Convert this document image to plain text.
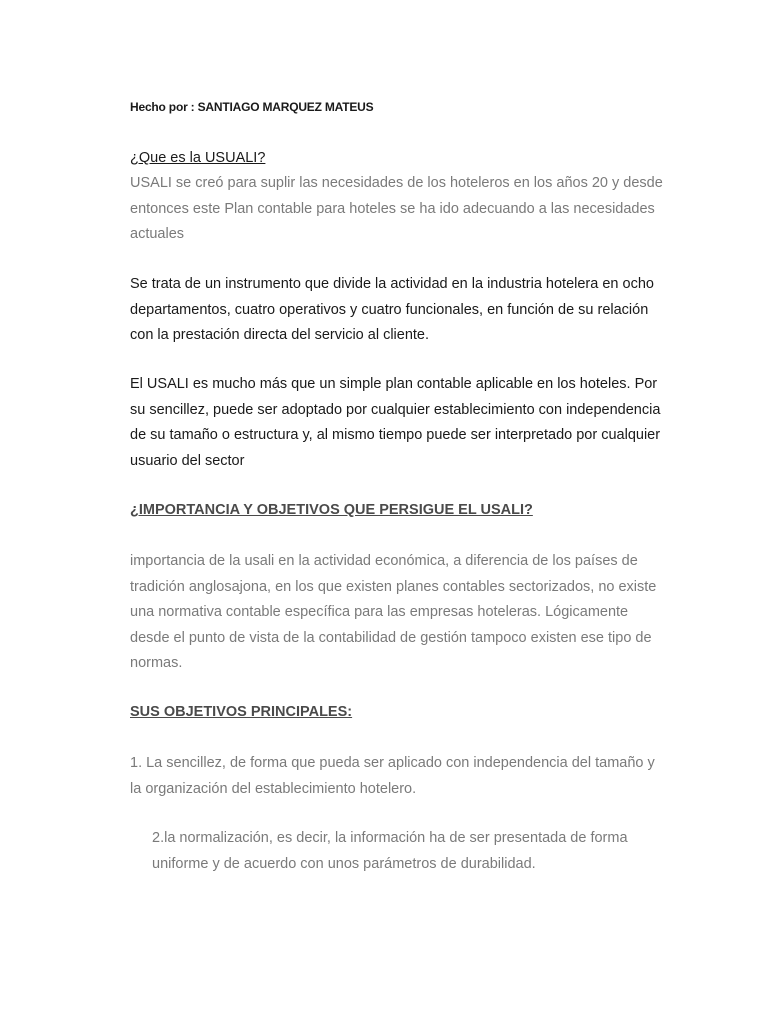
Hecho por : SANTIAGO MARQUEZ MATEUS
¿Que es la USUALI?

USALI se creó para suplir las necesidades de los hoteleros en los años 20 y desde entonces este Plan contable para hoteles se ha ido adecuando a las necesidades actuales

Se trata de un instrumento que divide la actividad en la industria hotelera en ocho departamentos, cuatro operativos y cuatro funcionales, en función de su relación con la prestación directa del servicio al cliente.

El USALI es mucho más que un simple plan contable aplicable en los hoteles. Por su sencillez, puede ser adoptado por cualquier establecimiento con independencia de su tamaño o estructura y, al mismo tiempo puede ser interpretado por cualquier usuario del sector

¿IMPORTANCIA Y OBJETIVOS QUE PERSIGUE EL USALI?

importancia de la usali en la actividad económica, a diferencia de los países de tradición anglosajona, en los que existen planes contables sectorizados, no existe una normativa contable específica para las empresas hoteleras. Lógicamente desde el punto de vista de la contabilidad de gestión tampoco existen ese tipo de normas.

SUS OBJETIVOS PRINCIPALES:

1. La sencillez, de forma que pueda ser aplicado con independencia del tamaño y la organización del establecimiento hotelero.

2.la normalización, es decir, la información ha de ser presentada de forma uniforme y de acuerdo con unos parámetros de durabilidad.
